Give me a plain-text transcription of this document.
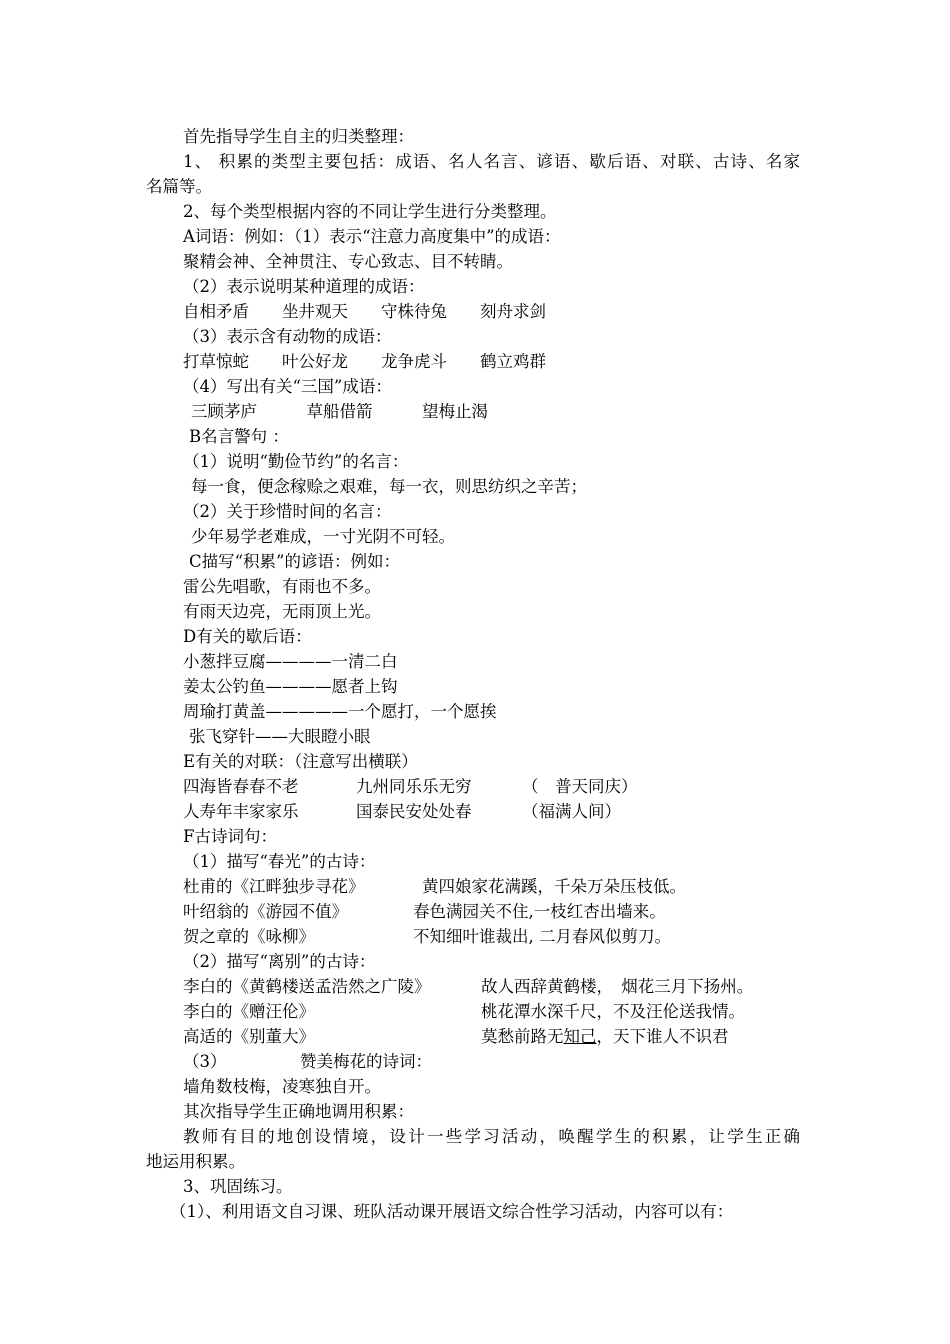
首先指导学生自主的归类整理：
1、 积累的类型主要包括：成语、名人名言、谚语、歇后语、对联、古诗、名家
名篇等。
2、每个类型根据内容的不同让学生进行分类整理。
A词语：例如：（1）表示“注意力高度集中”的成语：
聚精会神、全神贯注、专心致志、目不转睛。
（2）表示说明某种道理的成语：
自相矛盾　　坐井观天　　守株待兔　　刻舟求剑
（3）表示含有动物的成语：
打草惊蛇　　叶公好龙　　龙争虎斗　　鹤立鸡群
（4）写出有关“三国”成语：
三顾茅庐　　　草船借箭　　　望梅止渴
B名言警句 ：
（1）说明“勤俭节约”的名言：
每一食，便念稼赊之艰难，每一衣，则思纺织之辛苦；
（2）关于珍惜时间的名言：
少年易学老难成，一寸光阴不可轻。
C描写“积累”的谚语：例如：
雷公先唱歌，有雨也不多。
有雨天边亮，无雨顶上光。
D有关的歇后语：
小葱拌豆腐————一清二白
姜太公钓鱼————愿者上钩
周瑜打黄盖—————一个愿打，一个愿挨
张飞穿针——大眼瞪小眼
E有关的对联：（注意写出横联）
四海皆春春不老	九州同乐乐无穷	（　普天同庆）
人寿年丰家家乐	国泰民安处处春	（福满人间）
F古诗词句：
（1）描写“春光”的古诗：
杜甫的《江畔独步寻花》	黄四娘家花满蹊，千朵万朵压枝低。
叶绍翁的《游园不值》	春色满园关不住,一枝红杏出墙来。
贺之章的《咏柳》	不知细叶谁裁出, 二月春风似剪刀。
（2）描写“离别”的古诗：
李白的《黄鹤楼送孟浩然之广陵》	故人西辞黄鹤楼，　烟花三月下扬州。
李白的《赠汪伦》	桃花潭水深千尺，不及汪伦送我情。
高适的《别董大》	莫愁前路无知己，天下谁人不识君
（3）	赞美梅花的诗词：
墙角数枝梅，凌寒独自开。
其次指导学生正确地调用积累：
教师有目的地创设情境，设计一些学习活动，唤醒学生的积累，让学生正确
地运用积累。
3、巩固练习。
（1）、利用语文自习课、班队活动课开展语文综合性学习活动，内容可以有：
